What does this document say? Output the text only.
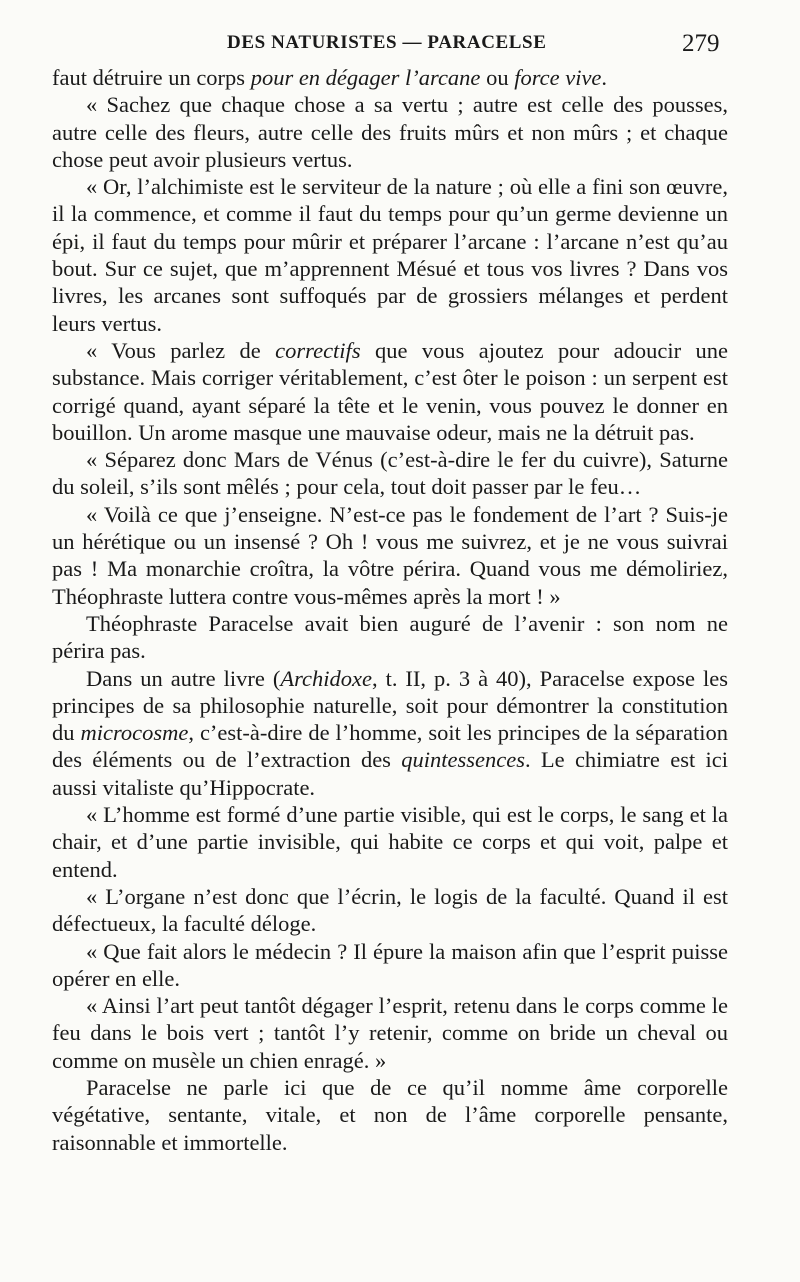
DES NATURISTES — PARACELSE	279

faut détruire un corps pour en dégager l’arcane ou force vive.

« Sachez que chaque chose a sa vertu ; autre est celle des pousses, autre celle des fleurs, autre celle des fruits mûrs et non mûrs ; et chaque chose peut avoir plusieurs vertus.

« Or, l’alchimiste est le serviteur de la nature ; où elle a fini son œuvre, il la commence, et comme il faut du temps pour qu’un germe devienne un épi, il faut du temps pour mûrir et préparer l’arcane : l’arcane n’est qu’au bout. Sur ce sujet, que m’apprennent Mésué et tous vos livres ? Dans vos livres, les arcanes sont suffoqués par de grossiers mélanges et perdent leurs vertus.

« Vous parlez de correctifs que vous ajoutez pour adoucir une substance. Mais corriger véritablement, c’est ôter le poison : un serpent est corrigé quand, ayant séparé la tête et le venin, vous pouvez le donner en bouillon. Un arome masque une mauvaise odeur, mais ne la détruit pas.

« Séparez donc Mars de Vénus (c’est-à-dire le fer du cuivre), Saturne du soleil, s’ils sont mêlés ; pour cela, tout doit passer par le feu…

« Voilà ce que j’enseigne. N’est-ce pas le fondement de l’art ? Suis-je un hérétique ou un insensé ? Oh ! vous me suivrez, et je ne vous suivrai pas ! Ma monarchie croîtra, la vôtre périra. Quand vous me démoliriez, Théophraste luttera contre vous-mêmes après la mort ! »

Théophraste Paracelse avait bien auguré de l’avenir : son nom ne périra pas.

Dans un autre livre (Archidoxe, t. II, p. 3 à 40), Paracelse expose les principes de sa philosophie naturelle, soit pour démontrer la constitution du microcosme, c’est-à-dire de l’homme, soit les principes de la séparation des éléments ou de l’extraction des quintessences. Le chimiatre est ici aussi vitaliste qu’Hippocrate.

« L’homme est formé d’une partie visible, qui est le corps, le sang et la chair, et d’une partie invisible, qui habite ce corps et qui voit, palpe et entend.

« L’organe n’est donc que l’écrin, le logis de la faculté. Quand il est défectueux, la faculté déloge.

« Que fait alors le médecin ? Il épure la maison afin que l’esprit puisse opérer en elle.

« Ainsi l’art peut tantôt dégager l’esprit, retenu dans le corps comme le feu dans le bois vert ; tantôt l’y retenir, comme on bride un cheval ou comme on musèle un chien enragé. »

Paracelse ne parle ici que de ce qu’il nomme âme corporelle végétative, sentante, vitale, et non de l’âme corporelle pensante, raisonnable et immortelle.
